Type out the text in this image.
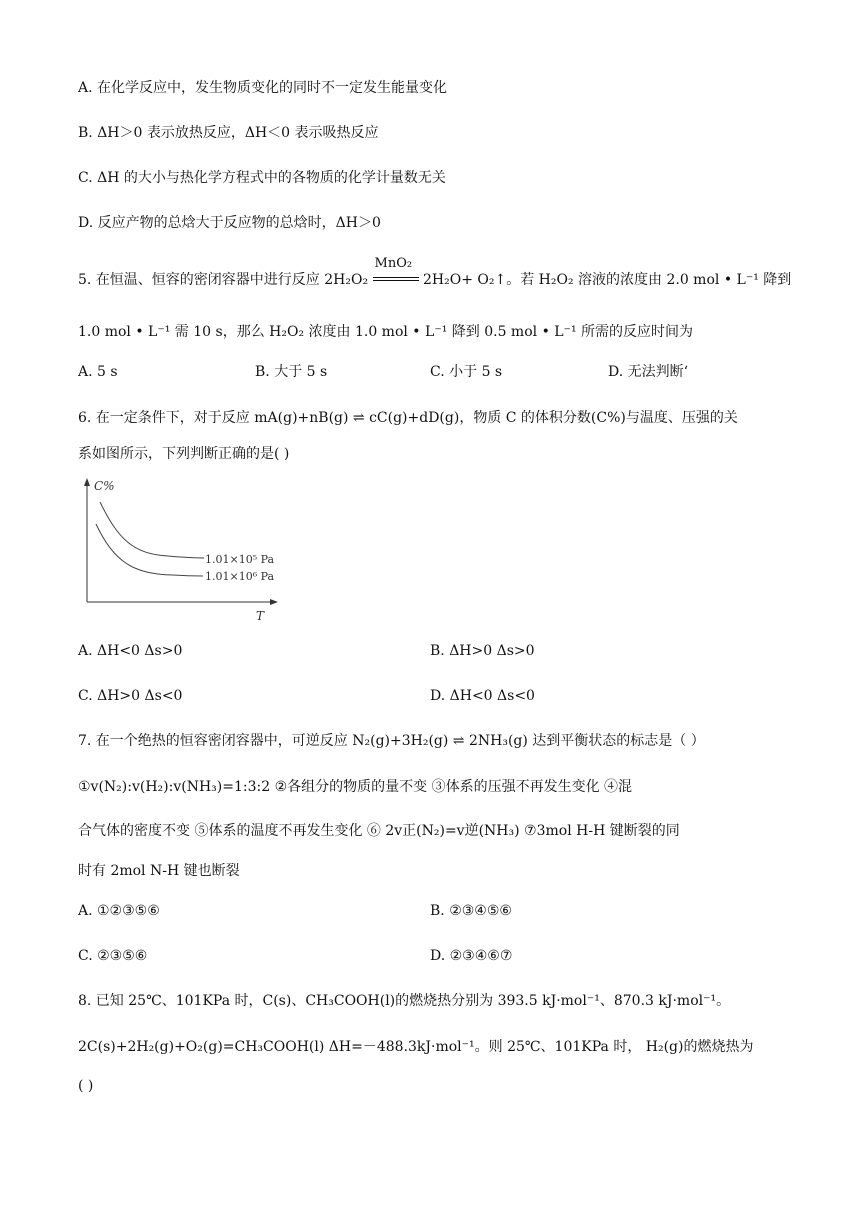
A. 在化学反应中，发生物质变化的同时不一定发生能量变化
B. ΔH＞0 表示放热反应，ΔH＜0 表示吸热反应
C. ΔH 的大小与热化学方程式中的各物质的化学计量数无关
D. 反应产物的总焓大于反应物的总焓时，ΔH＞0
5. 在恒温、恒容的密闭容器中进行反应 2H₂O₂
MnO₂
2H₂O+ O₂↑。若 H₂O₂ 溶液的浓度由 2.0 mol • L⁻¹ 降到
1.0 mol • L⁻¹ 需 10 s，那么 H₂O₂ 浓度由 1.0 mol • L⁻¹ 降到 0.5 mol • L⁻¹ 所需的反应时间为
A. 5 s	B. 大于 5 s	C. 小于 5 s	D. 无法判断‘
6. 在一定条件下，对于反应 mA(g)+nB(g) ⇌ cC(g)+dD(g)，物质 C 的体积分数(C%)与温度、压强的关
系如图所示，下列判断正确的是( )
C%
T
1.01×10⁵ Pa
1.01×10⁶ Pa
A. ΔH<0 Δs>0	B. ΔH>0 Δs>0
C. ΔH>0 Δs<0	D. ΔH<0 Δs<0
7. 在一个绝热的恒容密闭容器中，可逆反应 N₂(g)+3H₂(g) ⇌ 2NH₃(g) 达到平衡状态的标志是（ ）
①v(N₂):v(H₂):v(NH₃)=1:3:2 ②各组分的物质的量不变 ③体系的压强不再发生变化 ④混
合气体的密度不变 ⑤体系的温度不再发生变化 ⑥ 2v正(N₂)=v逆(NH₃) ⑦3mol H-H 键断裂的同
时有 2mol N-H 键也断裂
A. ①②③⑤⑥	B. ②③④⑤⑥
C. ②③⑤⑥	D. ②③④⑥⑦
8. 已知 25℃、101KPa 时，C(s)、CH₃COOH(l)的燃烧热分别为 393.5 kJ·mol⁻¹、870.3 kJ·mol⁻¹。
2C(s)+2H₂(g)+O₂(g)=CH₃COOH(l) ΔH=－488.3kJ·mol⁻¹。则 25℃、101KPa 时， H₂(g)的燃烧热为
( )
